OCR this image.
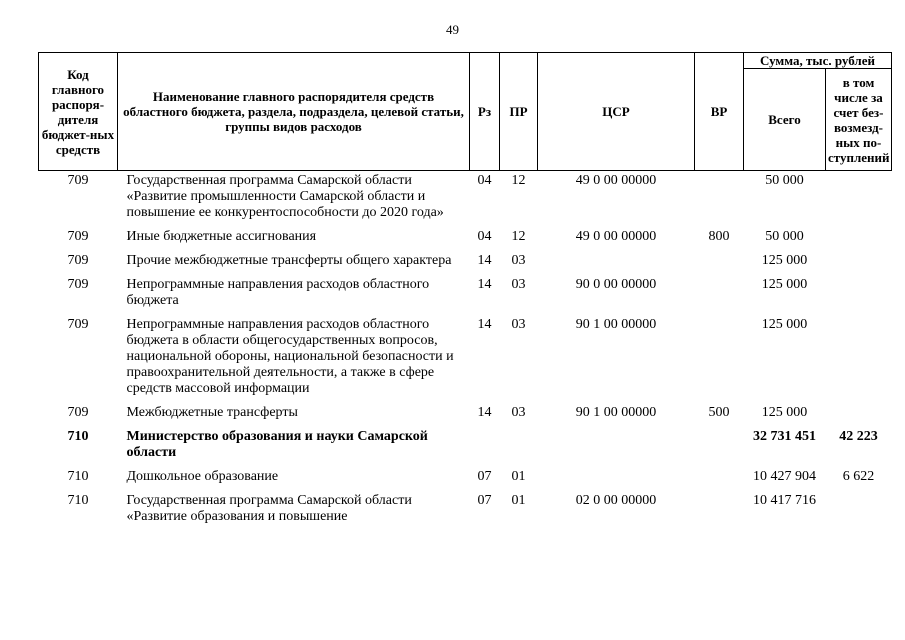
49
Код главного распоря-дителя бюджет-ных средств	Наименование главного распорядителя средств областного бюджета, раздела, подраздела, целевой статьи, группы видов расходов	Рз	ПР	ЦСР	ВР	Сумма, тыс. рублей	
						Всего	в том числе за счет без-возмезд-ных по-ступлений
709	Государственная программа Самарской области «Развитие промышленности Самарской области и повышение ее конкурентоспособности до 2020 года»	04	12	49 0 00 00000		50 000	
709	Иные бюджетные ассигнования	04	12	49 0 00 00000	800	50 000	
709	Прочие межбюджетные трансферты общего характера	14	03			125 000	
709	Непрограммные направления расходов областного бюджета	14	03	90 0 00 00000		125 000	
709	Непрограммные направления расходов областного бюджета в области общегосударственных вопросов, национальной обороны, национальной безопасности и правоохранительной деятельности, а также в сфере средств массовой информации	14	03	90 1 00 00000		125 000	
709	Межбюджетные трансферты	14	03	90 1 00 00000	500	125 000	
710	Министерство образования и науки Самарской области					32 731 451	42 223
710	Дошкольное образование	07	01			10 427 904	6 622
710	Государственная программа Самарской области «Развитие образования и повышение	07	01	02 0 00 00000		10 417 716	
